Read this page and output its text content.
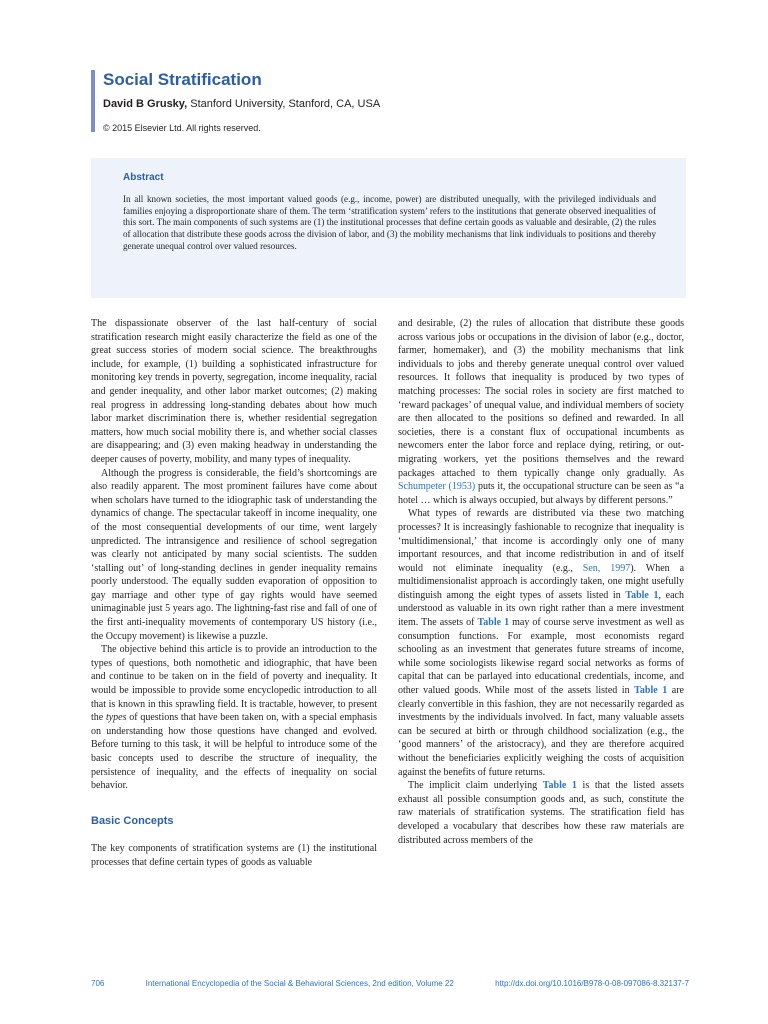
Social Stratification
David B Grusky, Stanford University, Stanford, CA, USA
© 2015 Elsevier Ltd. All rights reserved.
Abstract

In all known societies, the most important valued goods (e.g., income, power) are distributed unequally, with the privileged individuals and families enjoying a disproportionate share of them. The term ‘stratification system’ refers to the institutions that generate observed inequalities of this sort. The main components of such systems are (1) the institutional processes that define certain goods as valuable and desirable, (2) the rules of allocation that distribute these goods across the division of labor, and (3) the mobility mechanisms that link individuals to positions and thereby generate unequal control over valued resources.

The dispassionate observer of the last half-century of social stratification research might easily characterize the field as one of the great success stories of modern social science. The breakthroughs include, for example, (1) building a sophisticated infrastructure for monitoring key trends in poverty, segregation, income inequality, racial and gender inequality, and other labor market outcomes; (2) making real progress in addressing long-standing debates about how much labor market discrimination there is, whether residential segregation matters, how much social mobility there is, and whether social classes are disappearing; and (3) even making headway in understanding the deeper causes of poverty, mobility, and many types of inequality.

Although the progress is considerable, the field’s shortcomings are also readily apparent. The most prominent failures have come about when scholars have turned to the idiographic task of understanding the dynamics of change. The spectacular takeoff in income inequality, one of the most consequential developments of our time, went largely unpredicted. The intransigence and resilience of school segregation was clearly not anticipated by many social scientists. The sudden ‘stalling out’ of long-standing declines in gender inequality remains poorly understood. The equally sudden evaporation of opposition to gay marriage and other type of gay rights would have seemed unimaginable just 5 years ago. The lightning-fast rise and fall of one of the first anti-inequality movements of contemporary US history (i.e., the Occupy movement) is likewise a puzzle.

The objective behind this article is to provide an introduction to the types of questions, both nomothetic and idiographic, that have been and continue to be taken on in the field of poverty and inequality. It would be impossible to provide some encyclopedic introduction to all that is known in this sprawling field. It is tractable, however, to present the types of questions that have been taken on, with a special emphasis on understanding how those questions have changed and evolved. Before turning to this task, it will be helpful to introduce some of the basic concepts used to describe the structure of inequality, the persistence of inequality, and the effects of inequality on social behavior.

Basic Concepts

The key components of stratification systems are (1) the institutional processes that define certain types of goods as valuable

and desirable, (2) the rules of allocation that distribute these goods across various jobs or occupations in the division of labor (e.g., doctor, farmer, homemaker), and (3) the mobility mechanisms that link individuals to jobs and thereby generate unequal control over valued resources. It follows that inequality is produced by two types of matching processes: The social roles in society are first matched to ‘reward packages’ of unequal value, and individual members of society are then allocated to the positions so defined and rewarded. In all societies, there is a constant flux of occupational incumbents as newcomers enter the labor force and replace dying, retiring, or out-migrating workers, yet the positions themselves and the reward packages attached to them typically change only gradually. As Schumpeter (1953) puts it, the occupational structure can be seen as “a hotel … which is always occupied, but always by different persons.”

What types of rewards are distributed via these two matching processes? It is increasingly fashionable to recognize that inequality is ‘multidimensional,’ that income is accordingly only one of many important resources, and that income redistribution in and of itself would not eliminate inequality (e.g., Sen, 1997). When a multidimensionalist approach is accordingly taken, one might usefully distinguish among the eight types of assets listed in Table 1, each understood as valuable in its own right rather than a mere investment item. The assets of Table 1 may of course serve investment as well as consumption functions. For example, most economists regard schooling as an investment that generates future streams of income, while some sociologists likewise regard social networks as forms of capital that can be parlayed into educational credentials, income, and other valued goods. While most of the assets listed in Table 1 are clearly convertible in this fashion, they are not necessarily regarded as investments by the individuals involved. In fact, many valuable assets can be secured at birth or through childhood socialization (e.g., the ‘good manners’ of the aristocracy), and they are therefore acquired without the beneficiaries explicitly weighing the costs of acquisition against the benefits of future returns.

The implicit claim underlying Table 1 is that the listed assets exhaust all possible consumption goods and, as such, constitute the raw materials of stratification systems. The stratification field has developed a vocabulary that describes how these raw materials are distributed across members of the

706	International Encyclopedia of the Social & Behavioral Sciences, 2nd edition, Volume 22	http://dx.doi.org/10.1016/B978-0-08-097086-8.32137-7
